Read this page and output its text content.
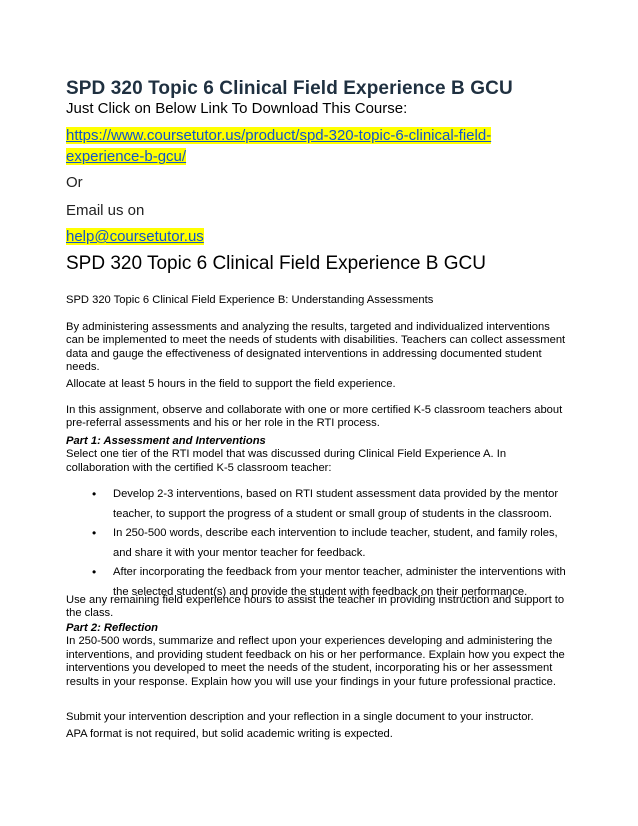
SPD 320 Topic 6 Clinical Field Experience B GCU

Just Click on Below Link To Download This Course:

https://www.coursetutor.us/product/spd-320-topic-6-clinical-field-experience-b-gcu/

Or

Email us on

help@coursetutor.us

SPD 320 Topic 6 Clinical Field Experience B GCU

SPD 320 Topic 6 Clinical Field Experience B: Understanding Assessments

By administering assessments and analyzing the results, targeted and individualized interventions can be implemented to meet the needs of students with disabilities. Teachers can collect assessment data and gauge the effectiveness of designated interventions in addressing documented student needs.

Allocate at least 5 hours in the field to support the field experience.

In this assignment, observe and collaborate with one or more certified K-5 classroom teachers about pre-referral assessments and his or her role in the RTI process.

Part 1: Assessment and Interventions
Select one tier of the RTI model that was discussed during Clinical Field Experience A. In collaboration with the certified K-5 classroom teacher:
• Develop 2-3 interventions, based on RTI student assessment data provided by the mentor teacher, to support the progress of a student or small group of students in the classroom.
• In 250-500 words, describe each intervention to include teacher, student, and family roles, and share it with your mentor teacher for feedback.
• After incorporating the feedback from your mentor teacher, administer the interventions with the selected student(s) and provide the student with feedback on their performance.

Use any remaining field experience hours to assist the teacher in providing instruction and support to the class.

Part 2: Reflection
In 250-500 words, summarize and reflect upon your experiences developing and administering the interventions, and providing student feedback on his or her performance. Explain how you expect the interventions you developed to meet the needs of the student, incorporating his or her assessment results in your response. Explain how you will use your findings in your future professional practice.

Submit your intervention description and your reflection in a single document to your instructor.

APA format is not required, but solid academic writing is expected.
